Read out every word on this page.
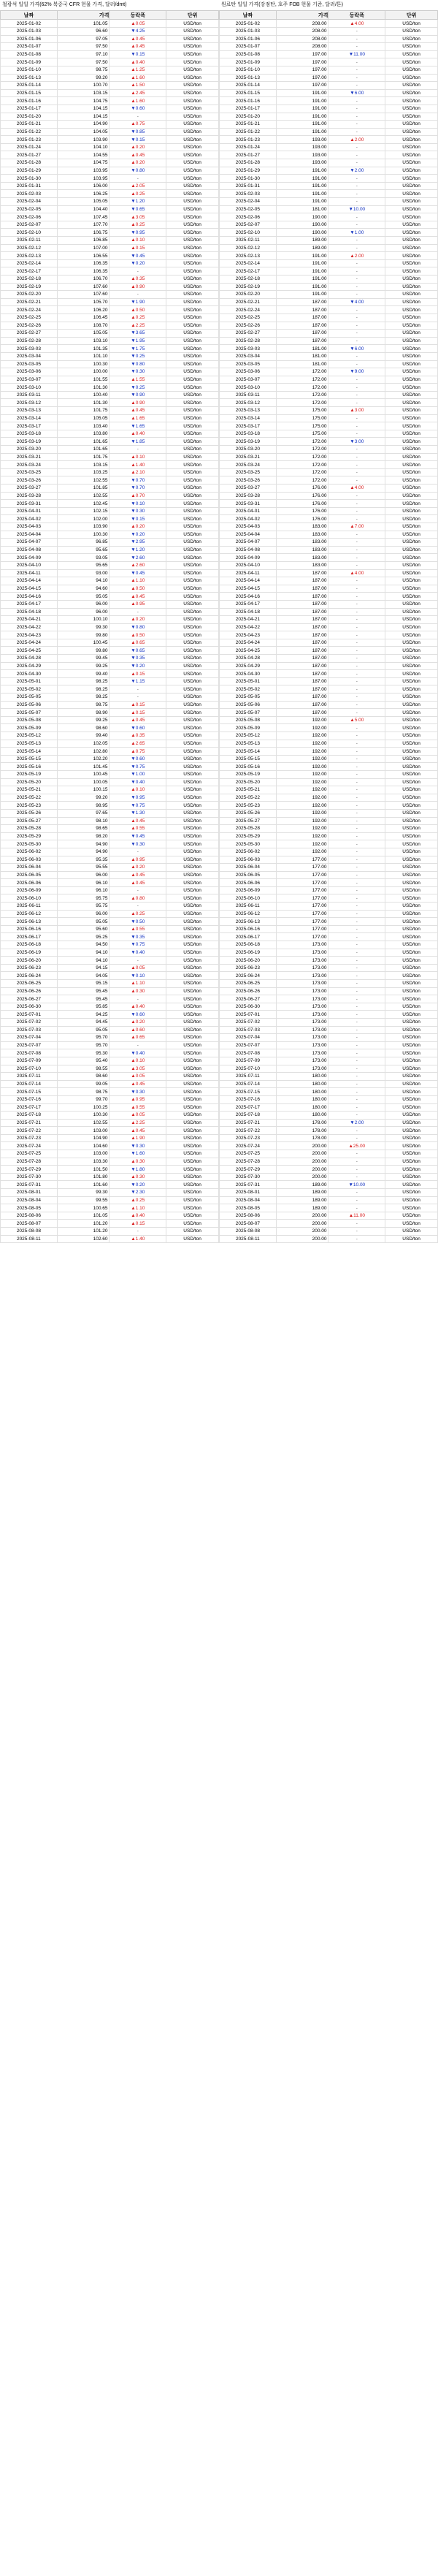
철광석 일일 가격(62% 북중국 CFR 현물 가격, 달러/dmt)
날짜	가격	등락폭	단위
2025-01-02	101.05	▲0.05	USD/ton
2025-01-03	96.60	▼4.25	USD/ton
2025-01-06	97.05	▲0.45	USD/ton
2025-01-07	97.50	▲0.45	USD/ton
2025-01-08	97.10	▼0.15	USD/ton
2025-01-09	97.50	▲0.40	USD/ton
2025-01-10	98.75	▲1.25	USD/ton
2025-01-13	99.20	▲1.60	USD/ton
2025-01-14	100.70	▲1.50	USD/ton
2025-01-15	103.15	▲2.45	USD/ton
2025-01-16	104.75	▲1.60	USD/ton
2025-01-17	104.15	▼0.60	USD/ton
2025-01-20	104.15	-	USD/ton
2025-01-21	104.90	▲0.75	USD/ton
2025-01-22	104.05	▼0.85	USD/ton
2025-01-23	103.90	▼0.15	USD/ton
2025-01-24	104.10	▲0.20	USD/ton
2025-01-27	104.55	▲0.45	USD/ton
2025-01-28	104.75	▲0.20	USD/ton
2025-01-29	103.95	▼0.80	USD/ton
2025-01-30	103.95	-	USD/ton
2025-01-31	106.00	▲2.05	USD/ton
2025-02-03	106.25	▲0.25	USD/ton
2025-02-04	105.05	▼1.20	USD/ton
2025-02-05	104.40	▼0.65	USD/ton
2025-02-06	107.45	▲3.05	USD/ton
2025-02-07	107.70	▲0.25	USD/ton
2025-02-10	106.75	▼0.95	USD/ton
2025-02-11	106.85	▲0.10	USD/ton
2025-02-12	107.00	▲0.15	USD/ton
2025-02-13	106.55	▼0.45	USD/ton
2025-02-14	106.35	▼0.20	USD/ton
2025-02-17	106.35	-	USD/ton
2025-02-18	106.70	▲0.35	USD/ton
2025-02-19	107.60	▲0.90	USD/ton
2025-02-20	107.60	-	USD/ton
2025-02-21	105.70	▼1.90	USD/ton
2025-02-24	106.20	▲0.50	USD/ton
2025-02-25	106.45	▲0.25	USD/ton
2025-02-26	108.70	▲2.25	USD/ton
2025-02-27	105.05	▼3.65	USD/ton
2025-02-28	103.10	▼1.95	USD/ton
2025-03-03	101.35	▼1.75	USD/ton
2025-03-04	101.10	▼0.25	USD/ton
2025-03-05	100.30	▼0.80	USD/ton
2025-03-06	100.00	▼0.30	USD/ton
2025-03-07	101.55	▲1.55	USD/ton
2025-03-10	101.30	▼0.25	USD/ton
2025-03-11	100.40	▼0.90	USD/ton
2025-03-12	101.30	▲0.90	USD/ton
2025-03-13	101.75	▲0.45	USD/ton
2025-03-14	105.05	▲1.65	USD/ton
2025-03-17	103.40	▼1.65	USD/ton
2025-03-18	103.80	▲0.40	USD/ton
2025-03-19	101.65	▼1.85	USD/ton
2025-03-20	101.65	-	USD/ton
2025-03-21	101.75	▲0.10	USD/ton
2025-03-24	103.15	▲1.40	USD/ton
2025-03-25	103.25	▲2.10	USD/ton
2025-03-26	102.55	▼0.70	USD/ton
2025-03-27	101.85	▼0.70	USD/ton
2025-03-28	102.55	▲0.70	USD/ton
2025-03-31	102.45	▼0.10	USD/ton
2025-04-01	102.15	▼0.30	USD/ton
2025-04-02	102.00	▼0.15	USD/ton
2025-04-03	103.90	▲0.20	USD/ton
2025-04-04	100.30	▼0.20	USD/ton
2025-04-07	96.85	▼2.95	USD/ton
2025-04-08	95.65	▼1.20	USD/ton
2025-04-09	93.05	▼2.60	USD/ton
2025-04-10	95.65	▲2.60	USD/ton
2025-04-11	93.00	▼0.45	USD/ton
2025-04-14	94.10	▲1.10	USD/ton
2025-04-15	94.60	▲0.50	USD/ton
2025-04-16	95.05	▲0.45	USD/ton
2025-04-17	96.00	▲0.95	USD/ton
2025-04-18	96.00	-	USD/ton
2025-04-21	100.10	▲0.20	USD/ton
2025-04-22	99.30	▼0.80	USD/ton
2025-04-23	99.80	▲0.50	USD/ton
2025-04-24	100.45	▲0.65	USD/ton
2025-04-25	99.80	▼0.65	USD/ton
2025-04-28	99.45	▼0.35	USD/ton
2025-04-29	99.25	▼0.20	USD/ton
2025-04-30	99.40	▲0.15	USD/ton
2025-05-01	98.25	▼1.15	USD/ton
2025-05-02	98.25	-	USD/ton
2025-05-05	98.25	-	USD/ton
2025-05-06	98.75	▲0.15	USD/ton
2025-05-07	98.90	▲0.15	USD/ton
2025-05-08	99.25	▲0.45	USD/ton
2025-05-09	98.60	▼0.60	USD/ton
2025-05-12	99.40	▲0.35	USD/ton
2025-05-13	102.05	▲2.65	USD/ton
2025-05-14	102.80	▲0.75	USD/ton
2025-05-15	102.20	▼0.60	USD/ton
2025-05-16	101.45	▼0.75	USD/ton
2025-05-19	100.45	▼1.00	USD/ton
2025-05-20	100.05	▼0.40	USD/ton
2025-05-21	100.15	▲0.10	USD/ton
2025-05-22	99.20	▼0.95	USD/ton
2025-05-23	98.95	▼0.75	USD/ton
2025-05-26	97.65	▼1.30	USD/ton
2025-05-27	98.10	▲0.45	USD/ton
2025-05-28	98.65	▲0.55	USD/ton
2025-05-29	98.20	▼0.45	USD/ton
2025-05-30	94.90	▼0.30	USD/ton
2025-06-02	94.90	-	USD/ton
2025-06-03	95.35	▲0.95	USD/ton
2025-06-04	95.55	▲0.20	USD/ton
2025-06-05	96.00	▲0.45	USD/ton
2025-06-06	96.10	▲0.45	USD/ton
2025-06-09	96.10	-	USD/ton
2025-06-10	95.75	▲0.80	USD/ton
2025-06-11	95.75	-	USD/ton
2025-06-12	96.00	▲0.25	USD/ton
2025-06-13	95.05	▼0.50	USD/ton
2025-06-16	95.60	▲0.55	USD/ton
2025-06-17	95.25	▼0.35	USD/ton
2025-06-18	94.50	▼0.75	USD/ton
2025-06-19	94.10	▼0.40	USD/ton
2025-06-20	94.10	-	USD/ton
2025-06-23	94.15	▲0.05	USD/ton
2025-06-24	94.05	▼0.10	USD/ton
2025-06-25	95.15	▲1.10	USD/ton
2025-06-26	95.45	▲0.30	USD/ton
2025-06-27	95.45	-	USD/ton
2025-06-30	95.85	▲0.40	USD/ton
2025-07-01	94.25	▼0.60	USD/ton
2025-07-02	94.45	▲0.20	USD/ton
2025-07-03	95.05	▲0.60	USD/ton
2025-07-04	95.70	▲0.65	USD/ton
2025-07-07	95.70	-	USD/ton
2025-07-08	95.30	▼0.40	USD/ton
2025-07-09	95.40	▲0.10	USD/ton
2025-07-10	98.55	▲3.05	USD/ton
2025-07-11	98.60	▲0.05	USD/ton
2025-07-14	99.05	▲0.45	USD/ton
2025-07-15	98.75	▼0.30	USD/ton
2025-07-16	99.70	▲0.95	USD/ton
2025-07-17	100.25	▲0.55	USD/ton
2025-07-18	100.30	▲0.05	USD/ton
2025-07-21	102.55	▲2.25	USD/ton
2025-07-22	103.00	▲0.45	USD/ton
2025-07-23	104.90	▲1.90	USD/ton
2025-07-24	104.60	▼0.30	USD/ton
2025-07-25	103.00	▼1.60	USD/ton
2025-07-28	103.30	▲0.30	USD/ton
2025-07-29	101.50	▼1.80	USD/ton
2025-07-30	101.80	▲0.30	USD/ton
2025-07-31	101.60	▼0.20	USD/ton
2025-08-01	99.30	▼2.30	USD/ton
2025-08-04	99.55	▲0.25	USD/ton
2025-08-05	100.65	▲1.10	USD/ton
2025-08-06	101.05	▲0.40	USD/ton
2025-08-07	101.20	▲0.15	USD/ton
2025-08-08	101.20	-	USD/ton
2025-08-11	102.60	▲1.40	USD/ton
원료탄 일일 가격(강점탄, 호주 FOB 현물 기준, 달러/톤)
날짜	가격	등락폭	단위
2025-01-02	208.00	▲4.00	USD/ton
2025-01-03	208.00	-	USD/ton
2025-01-06	208.00	-	USD/ton
2025-01-07	208.00	-	USD/ton
2025-01-08	197.00	▼11.00	USD/ton
2025-01-09	197.00	-	USD/ton
2025-01-10	197.00	-	USD/ton
2025-01-13	197.00	-	USD/ton
2025-01-14	197.00	-	USD/ton
2025-01-15	191.00	▼6.00	USD/ton
2025-01-16	191.00	-	USD/ton
2025-01-17	191.00	-	USD/ton
2025-01-20	191.00	-	USD/ton
2025-01-21	191.00	-	USD/ton
2025-01-22	191.00	-	USD/ton
2025-01-23	193.00	▲2.00	USD/ton
2025-01-24	193.00	-	USD/ton
2025-01-27	193.00	-	USD/ton
2025-01-28	193.00	-	USD/ton
2025-01-29	191.00	▼2.00	USD/ton
2025-01-30	191.00	-	USD/ton
2025-01-31	191.00	-	USD/ton
2025-02-03	191.00	-	USD/ton
2025-02-04	191.00	-	USD/ton
2025-02-05	181.00	▼10.00	USD/ton
2025-02-06	190.00	-	USD/ton
2025-02-07	190.00	-	USD/ton
2025-02-10	190.00	▼1.00	USD/ton
2025-02-11	189.00	-	USD/ton
2025-02-12	189.00	-	USD/ton
2025-02-13	191.00	▲2.00	USD/ton
2025-02-14	191.00	-	USD/ton
2025-02-17	191.00	-	USD/ton
2025-02-18	191.00	-	USD/ton
2025-02-19	191.00	-	USD/ton
2025-02-20	191.00	-	USD/ton
2025-02-21	187.00	▼4.00	USD/ton
2025-02-24	187.00	-	USD/ton
2025-02-25	187.00	-	USD/ton
2025-02-26	187.00	-	USD/ton
2025-02-27	187.00	-	USD/ton
2025-02-28	187.00	-	USD/ton
2025-03-03	181.00	▼6.00	USD/ton
2025-03-04	181.00	-	USD/ton
2025-03-05	181.00	-	USD/ton
2025-03-06	172.00	▼9.00	USD/ton
2025-03-07	172.00	-	USD/ton
2025-03-10	172.00	-	USD/ton
2025-03-11	172.00	-	USD/ton
2025-03-12	172.00	-	USD/ton
2025-03-13	175.00	▲3.00	USD/ton
2025-03-14	175.00	-	USD/ton
2025-03-17	175.00	-	USD/ton
2025-03-18	175.00	-	USD/ton
2025-03-19	172.00	▼3.00	USD/ton
2025-03-20	172.00	-	USD/ton
2025-03-21	172.00	-	USD/ton
2025-03-24	172.00	-	USD/ton
2025-03-25	172.00	-	USD/ton
2025-03-26	172.00	-	USD/ton
2025-03-27	176.00	▲4.00	USD/ton
2025-03-28	176.00	-	USD/ton
2025-03-31	176.00	-	USD/ton
2025-04-01	176.00	-	USD/ton
2025-04-02	176.00	-	USD/ton
2025-04-03	183.00	▲7.00	USD/ton
2025-04-04	183.00	-	USD/ton
2025-04-07	183.00	-	USD/ton
2025-04-08	183.00	-	USD/ton
2025-04-09	183.00	-	USD/ton
2025-04-10	183.00	-	USD/ton
2025-04-11	187.00	▲4.00	USD/ton
2025-04-14	187.00	-	USD/ton
2025-04-15	187.00	-	USD/ton
2025-04-16	187.00	-	USD/ton
2025-04-17	187.00	-	USD/ton
2025-04-18	187.00	-	USD/ton
2025-04-21	187.00	-	USD/ton
2025-04-22	187.00	-	USD/ton
2025-04-23	187.00	-	USD/ton
2025-04-24	187.00	-	USD/ton
2025-04-25	187.00	-	USD/ton
2025-04-28	187.00	-	USD/ton
2025-04-29	187.00	-	USD/ton
2025-04-30	187.00	-	USD/ton
2025-05-01	187.00	-	USD/ton
2025-05-02	187.00	-	USD/ton
2025-05-05	187.00	-	USD/ton
2025-05-06	187.00	-	USD/ton
2025-05-07	187.00	-	USD/ton
2025-05-08	192.00	▲5.00	USD/ton
2025-05-09	192.00	-	USD/ton
2025-05-12	192.00	-	USD/ton
2025-05-13	192.00	-	USD/ton
2025-05-14	192.00	-	USD/ton
2025-05-15	192.00	-	USD/ton
2025-05-16	192.00	-	USD/ton
2025-05-19	192.00	-	USD/ton
2025-05-20	192.00	-	USD/ton
2025-05-21	192.00	-	USD/ton
2025-05-22	192.00	-	USD/ton
2025-05-23	192.00	-	USD/ton
2025-05-26	192.00	-	USD/ton
2025-05-27	192.00	-	USD/ton
2025-05-28	192.00	-	USD/ton
2025-05-29	192.00	-	USD/ton
2025-05-30	192.00	-	USD/ton
2025-06-02	192.00	-	USD/ton
2025-06-03	177.00	-	USD/ton
2025-06-04	177.00	-	USD/ton
2025-06-05	177.00	-	USD/ton
2025-06-06	177.00	-	USD/ton
2025-06-09	177.00	-	USD/ton
2025-06-10	177.00	-	USD/ton
2025-06-11	177.00	-	USD/ton
2025-06-12	177.00	-	USD/ton
2025-06-13	177.00	-	USD/ton
2025-06-16	177.00	-	USD/ton
2025-06-17	177.00	-	USD/ton
2025-06-18	173.00	-	USD/ton
2025-06-19	173.00	-	USD/ton
2025-06-20	173.00	-	USD/ton
2025-06-23	173.00	-	USD/ton
2025-06-24	173.00	-	USD/ton
2025-06-25	173.00	-	USD/ton
2025-06-26	173.00	-	USD/ton
2025-06-27	173.00	-	USD/ton
2025-06-30	173.00	-	USD/ton
2025-07-01	173.00	-	USD/ton
2025-07-02	173.00	-	USD/ton
2025-07-03	173.00	-	USD/ton
2025-07-04	173.00	-	USD/ton
2025-07-07	173.00	-	USD/ton
2025-07-08	173.00	-	USD/ton
2025-07-09	173.00	-	USD/ton
2025-07-10	173.00	-	USD/ton
2025-07-11	180.00	-	USD/ton
2025-07-14	180.00	-	USD/ton
2025-07-15	180.00	-	USD/ton
2025-07-16	180.00	-	USD/ton
2025-07-17	180.00	-	USD/ton
2025-07-18	180.00	-	USD/ton
2025-07-21	178.00	▼2.00	USD/ton
2025-07-22	178.00	-	USD/ton
2025-07-23	178.00	-	USD/ton
2025-07-24	200.00	▲25.00	USD/ton
2025-07-25	200.00	-	USD/ton
2025-07-28	200.00	-	USD/ton
2025-07-29	200.00	-	USD/ton
2025-07-30	200.00	-	USD/ton
2025-07-31	189.00	▼10.00	USD/ton
2025-08-01	189.00	-	USD/ton
2025-08-04	189.00	-	USD/ton
2025-08-05	189.00	-	USD/ton
2025-08-06	200.00	▲11.00	USD/ton
2025-08-07	200.00	-	USD/ton
2025-08-08	200.00	-	USD/ton
2025-08-11	200.00	-	USD/ton
